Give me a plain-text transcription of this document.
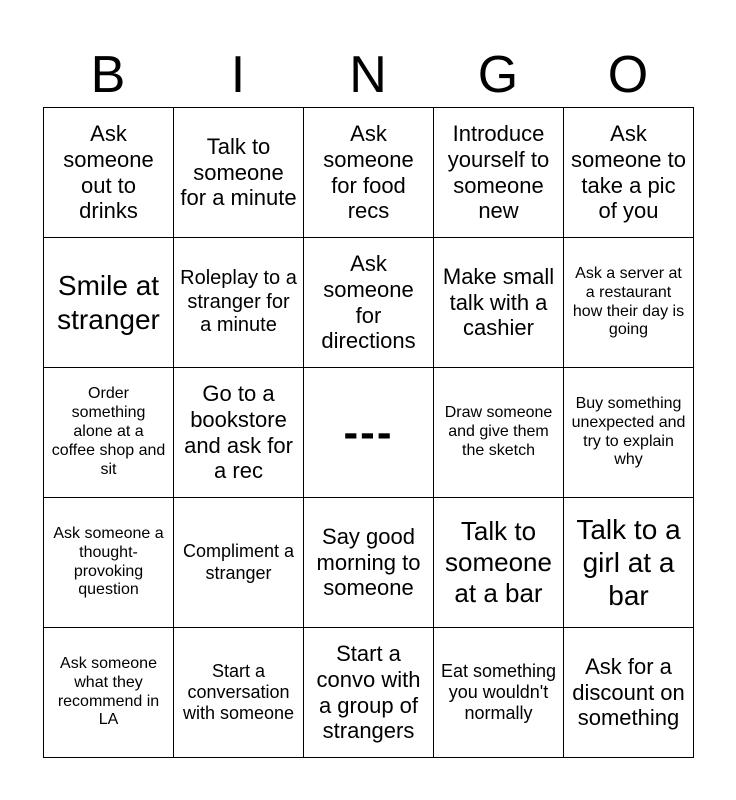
B	I	N	G	O
Ask someone out to drinks	Talk to someone for a minute	Ask someone for food recs	Introduce yourself to someone new	Ask someone to take a pic of you
Smile at stranger	Roleplay to a stranger for a minute	Ask someone for directions	Make small talk with a cashier	Ask a server at a restaurant how their day is going
Order something alone at a coffee shop and sit	Go to a bookstore and ask for a rec	---	Draw someone and give them the sketch	Buy something unexpected and try to explain why
Ask someone a thought-provoking question	Compliment a stranger	Say good morning to someone	Talk to someone at a bar	Talk to a girl at a bar
Ask someone what they recommend in LA	Start a conversation with someone	Start a convo with a group of strangers	Eat something you wouldn't normally	Ask for a discount on something
